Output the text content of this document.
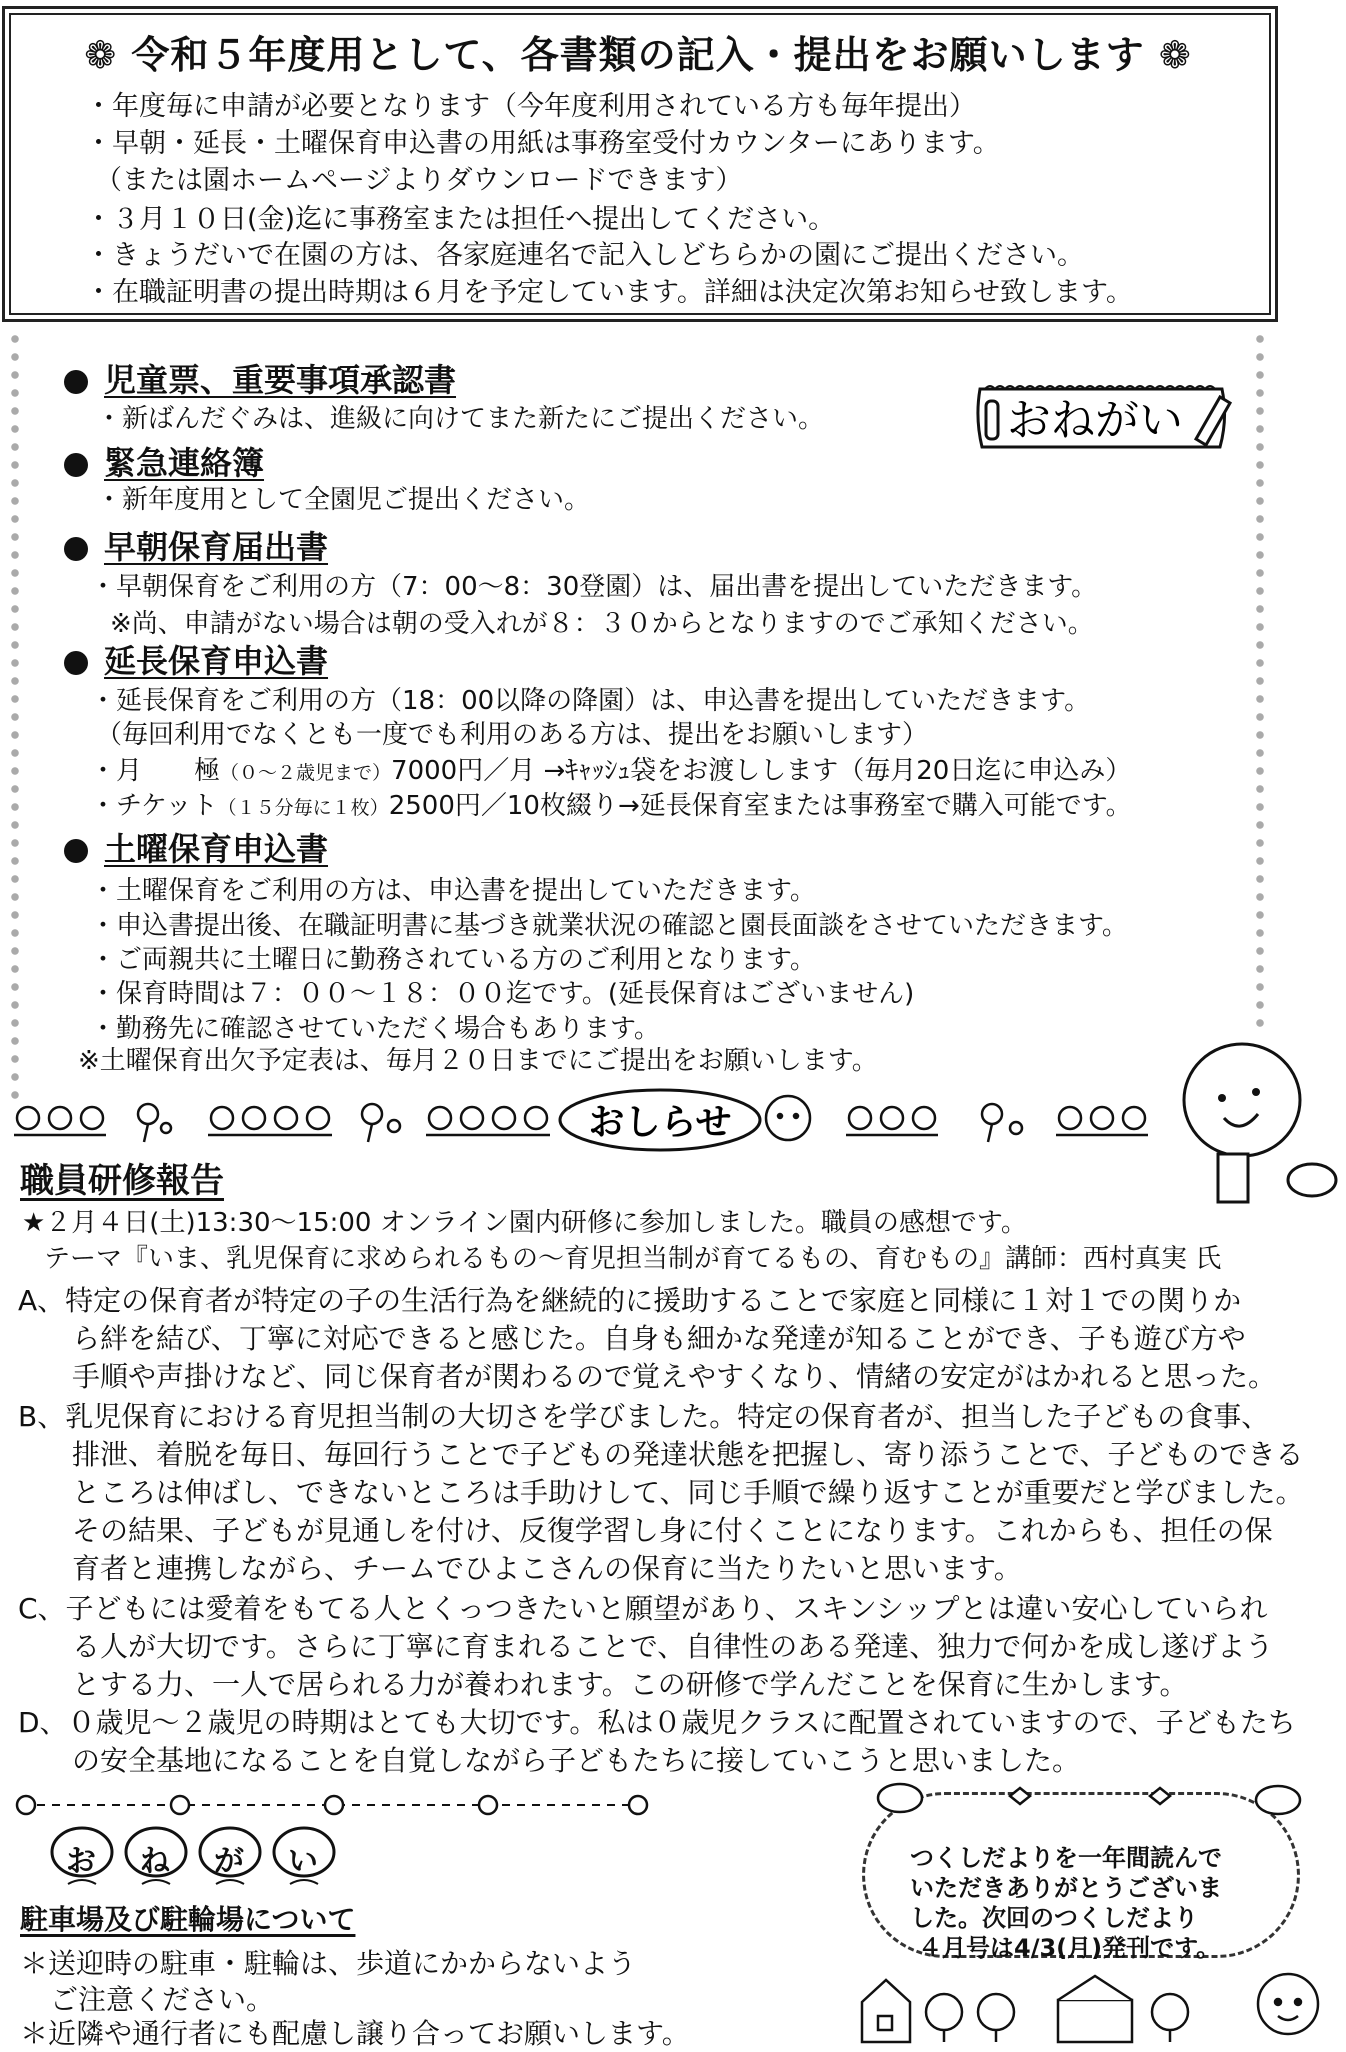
❁ 令和５年度用として、各書類の記入・提出をお願いします ❁
・年度毎に申請が必要となります（今年度利用されている方も毎年提出）
・早朝・延長・土曜保育申込書の用紙は事務室受付カウンターにあります。
（または園ホームページよりダウンロードできます）
・３月１０日(金)迄に事務室または担任へ提出してください。
・きょうだいで在園の方は、各家庭連名で記入しどちらかの園にご提出ください。
・在職証明書の提出時期は６月を予定しています。詳細は決定次第お知らせ致します。
おねがい
児童票、重要事項承認書
・新ばんだぐみは、進級に向けてまた新たにご提出ください。
緊急連絡簿
・新年度用として全園児ご提出ください。
早朝保育届出書
・早朝保育をご利用の方（7：00～8：30登園）は、届出書を提出していただきます。
※尚、申請がない場合は朝の受入れが８：３０からとなりますのでご承知ください。
延長保育申込書
・延長保育をご利用の方（18：00以降の降園）は、申込書を提出していただきます。
（毎回利用でなくとも一度でも利用のある方は、提出をお願いします）
・月　　極（０～２歳児まで）7000円／月 →ｷｬｯｼｭ袋をお渡しします（毎月20日迄に申込み）
・チケット（１５分毎に１枚）2500円／10枚綴り→延長保育室または事務室で購入可能です。
土曜保育申込書
・土曜保育をご利用の方は、申込書を提出していただきます。
・申込書提出後、在職証明書に基づき就業状況の確認と園長面談をさせていただきます。
・ご両親共に土曜日に勤務されている方のご利用となります。
・保育時間は７：００～１８：００迄です。(延長保育はございません)
・勤務先に確認させていただく場合もあります。
※土曜保育出欠予定表は、毎月２０日までにご提出をお願いします。
おしらせ
職員研修報告
★２月４日(土)13:30～15:00 オンライン園内研修に参加しました。職員の感想です。
テーマ『いま、乳児保育に求められるもの～育児担当制が育てるもの、育むもの』講師：西村真実 氏
A、特定の保育者が特定の子の生活行為を継続的に援助することで家庭と同様に１対１での関りか
ら絆を結び、丁寧に対応できると感じた。自身も細かな発達が知ることができ、子も遊び方や
手順や声掛けなど、同じ保育者が関わるので覚えやすくなり、情緒の安定がはかれると思った。
B、乳児保育における育児担当制の大切さを学びました。特定の保育者が、担当した子どもの食事、
排泄、着脱を毎日、毎回行うことで子どもの発達状態を把握し、寄り添うことで、子どものできる
ところは伸ばし、できないところは手助けして、同じ手順で繰り返すことが重要だと学びました。
その結果、子どもが見通しを付け、反復学習し身に付くことになります。これからも、担任の保
育者と連携しながら、チームでひよこさんの保育に当たりたいと思います。
C、子どもには愛着をもてる人とくっつきたいと願望があり、スキンシップとは違い安心していられ
る人が大切です。さらに丁寧に育まれることで、自律性のある発達、独力で何かを成し遂げよう
とする力、一人で居られる力が養われます。この研修で学んだことを保育に生かします。
D、０歳児～２歳児の時期はとても大切です。私は０歳児クラスに配置されていますので、子どもたち
の安全基地になることを自覚しながら子どもたちに接していこうと思いました。
お ね が い
駐車場及び駐輪場について
＊送迎時の駐車・駐輪は、歩道にかからないよう
ご注意ください。
＊近隣や通行者にも配慮し譲り合ってお願いします。
つくしだよりを一年間読んで
いただきありがとうございま
した。次回のつくしだより
４月号は4/3(月)発刊です。
